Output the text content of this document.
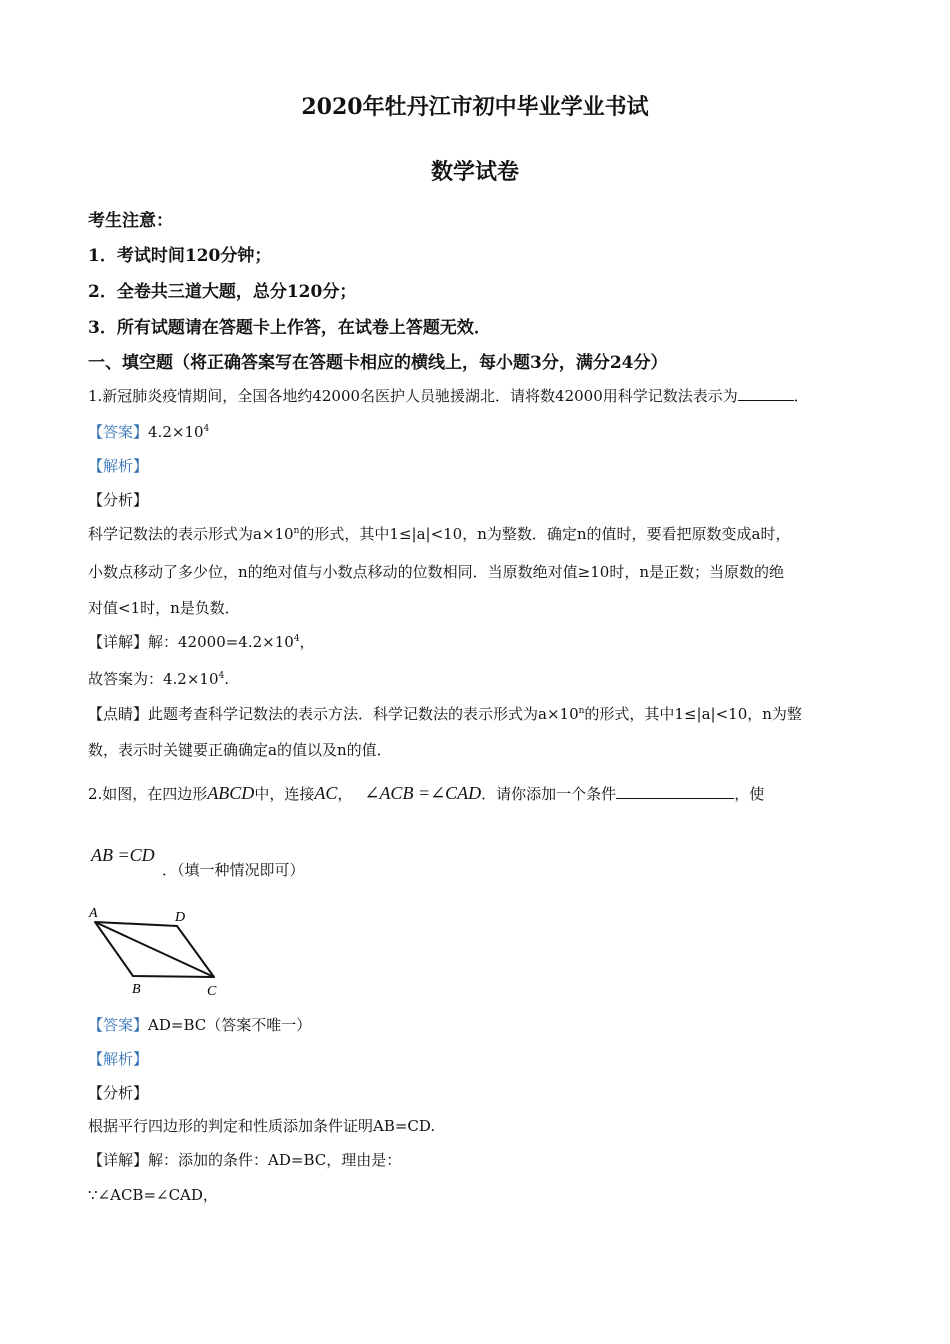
2020年牡丹江市初中毕业学业书试
数学试卷
考生注意：
1．考试时间120分钟；
2．全卷共三道大题，总分120分；
3．所有试题请在答题卡上作答，在试卷上答题无效．
一、填空题（将正确答案写在答题卡相应的横线上，每小题3分，满分24分）
1.新冠肺炎疫情期间，全国各地约42000名医护人员驰援湖北．请将数42000用科学记数法表示为	．
【答案】$4.2\times 10^4$
【解析】
【分析】
科学记数法的表示形式为$a\times 10^n$的形式，其中1≤|a|<10，n为整数．确定n的值时，要看把原数变成a时，
小数点移动了多少位，n的绝对值与小数点移动的位数相同．当原数绝对值≥10时，n是正数；当原数的绝
对值<1时，n是负数．
【详解】解：$42000=4.2\times 10^4$，
故答案为：$4.2\times 10^4$.
【点睛】此题考查科学记数法的表示方法．科学记数法的表示形式为$a\times 10^n$的形式，其中1≤|a|<10，n为整
数，表示时关键要正确确定a的值以及n的值．
2.如图，在四边形ABCD中，连接AC， ∠ACB =∠CAD．请你添加一个条件	，使
AB =CD
．（填一种情况即可）
A	D
B	C
【答案】AD=BC（答案不唯一）
【解析】
【分析】
根据平行四边形的判定和性质添加条件证明AB=CD.
【详解】解：添加的条件：AD=BC，理由是：
∵∠ACB=∠CAD，
